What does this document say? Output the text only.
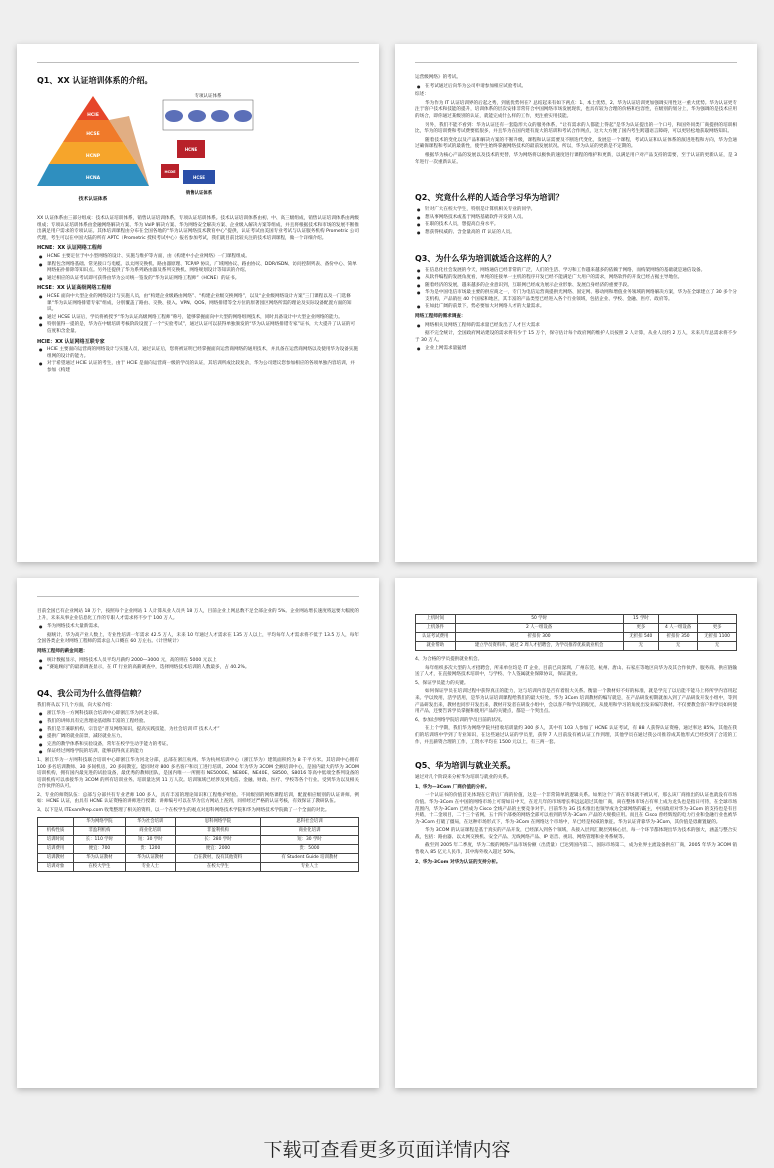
Q1、XX 认证培训体系的介绍。
HCIE
HCSE
HCNP
HCNA
技术认证体系
专项认证体系
HCNE
HCDE
HCSE
销售认证体系

XX 认证体系由三部分组成：技术认证培训体系，销售认证培训体系，专项认证培训体系。技术认证培训体系由初、中、高三级组成，销售认证培训体系由两级组成；专项认证培训体系由金融网络解决方案、华为 VoIP 解决方案、华为网络安全解决方案、企业级入解决方案等组成，并且将根据技术和市场的发展不断推出满足用户需求的专项认证。其体培训课程由分布在全国各地的“华为认证网络技术教育中心”提供，认证考试由美国专业考试与认证服务机构 Prometric 公司代理，考生可以在中国大陆的所有 APTC（Prometric 授权考试中心）报名参加考试，我们就目前比较关注的技术培训课程，做一个详细介绍。

HCNE：XX 认证网络工程师
● HCNE 主要定位于中小型网络的设计、实施与维护等方面，由《构建中小企业网络》一门课程组成。
● 课程包含网络基础、常见接口与电缆、以太网交换机、路由器原理、TCP/IP 协议、广域网协议、路由协议、DDR/ISDN、访问控制列表、备份中心、简单网络拓扑排除等知识点。另外还提供了华为系列路由器及系列交换机、网络规划设计等知识的介绍。
● 通过相应的认证考试即可获得由华为公司统一签发的“华为认证网络工程师”（HCNE）的证书。
HCSE：XX 认证高级网络工程师
● HCSE 面向中大型企业的网络设计与实施人员，由“构建企业级路由网络”、“构建企业级交换网络”，以及“企业级网络设计方案”三门课程以及一门选修课“华为认证网络排错专家”组成，分别覆盖了路由、交换、接入、VPN、QOS、网络排错等全方位的原著园区网络所需的理论及实际设备配置方面的知识。
● 通过 HCSE 认证后，学员将被授予“华为认证高级网络工程师”称号，能够掌握面向中大型的网络组网技术，同时具备设计中大型企业网络的能力。
● 特别值得一提的是，华为在中级培训考核阶段设置了一个“实验考试”，通过认证可以获得单独颁发的“华为认证网络排错专家”证书，大大提升了认证的可信度和含金量。
HCIE：XX 认证网络互联专家
● HCIE 主要面向运营商的网络设计与实施人员，通过认证后，您将被证明已经掌握面向运营商网络的通用技术，并具备在运营商网络以及使用华为设备实施组网的设计的能力。
● 对于希望通过 HCIE 认证的考生，由于 HCIE 是面向运营商一级的学员的认证，其培训所成比较复杂，华为公司建议您参加相应的各项单独内容培训，并参加《构建

运营级网络》的考试。

● 在考试通过后向华为公司申请参加相应试验考试。

综述：

华为作为 IT 认证培训界的后起之秀，到底优势何在？总结起来有如下两点：1、本土优势，2、华为认证培训更加强调实用性这一重大优势。华为认证更专注于客户技术和技能的提升，培训体系的层次安排非常符合中国网络市场发展现状，也具有较为合理的价格和包容性，在级别的划分上，华为强调的是技术应用的场合，即你通过某级别的认证，就能完成什么样的工作，更注重实用技能。

另外，我们不能不看到：华为认证还有一套隐形大众的服务体系，“让有需求的人都能上得起”是华为认证提出的一个口号，和国外同类厂商提供的培训相比，华为的培训费和考试费要低很多，并且华为在国内建有庞大的培训和考试合作网点，这大大方便了国内考生跨越语言障碍，可以更轻松地获取网络知识。

随着技术的变化以及产品和解决方案的不断升级，课程和认证需要及不断迭代变化，发展是一个课程，考试认证和认证体系的演进进程和方向，华为会通过确保课程和考试的最新性，使学生始终掌握网络技术的最前发展状况。所以，华为认证的更新是不定期的。

根据华为核心产品的发展以及技术的更替，华为网络将以极快的速度进行课程的维护和更新，以满足用户对产品支持的需要，至于认证的更新认证，是 3 年进行一次重新认证。

Q2、究竟什么样的人适合学习华为培训？
● 针对广大在校大学生，特别是计算机相关专业的同学。
● 想从事网络技术或基于网络基础软件开发的人员。
● 在职的技术人员，想提高自身水平。
● 想获得权威的、含金量高的 IT 认证的人员。
Q3、为什么华为培训就适合这样的人？
● 在信息化社会发展的今天，网络通信已经非常的广泛，人们的生活、学习和工作越来越多的依赖于网络，而构架网络的基础就是通信设备。
● 从软件编程的发展角度看，单纯的连接单一主机的程序开发已经不能满足广大用户的需求，网络软件的开发已经占据主导地位。
● 随着经济的发展，越来越多的企业意识到，互联网已经成为展示企业形象、发展自身经济的重要手段。
● 华为是中国电信市场最主要的供应商之一，专门为电信运营商提供光网络、固定网、移动网和增值业务领域的网络解决方案，华为在全球建立了 30 多个分支机构，产品销往 40 个国家和地区，其丰富的产品类型已经进入各个行业领域，包括企业、学校、金融、医疗、政府等。
● 在如此广阔的前景下，势必要加大对网络人才的大量需求。

网络工程师的需求调查：

● 网络相关及网络工程师的需求量已经发出了人才巨大需求

据不完全统计，全国政府网站建设的需求将有少于 15 万个，保守估计每个政府网的维护人员按照 2 人计算，从业人员约 2 万人，未来几年总需求将不少于 30 万人。

● 企业上网需求量猛增

目前全国已有企业网站 18 万个，按照每个企业网站 1 人计算从业人员共 18 万人，目前企业上网总数不足全部企业的 5%。企业网站增长速度将远要大幅度的上升，未来从事企业信息化工作的专职人才需求将不少于 100 万人。

● 华为网络技术大量新需求。

据统计，华为高产业人数上，专业性培训一年需求 42.5 万人，未来 10 年通过人才需求在 135 万人以上，平均每年人才需求将不低于 13.5 万人，每年全国各类企业对网络工程师的需求总人口概在 60 万左右。（计世统计）

网络工程师的薪金问题：

● 统计数据显示，网络技术人员平均月薪约 2000—3000 元，高的则在 5000 元以上
● “赛迪顾问”的最新调查显示，在 IT 行业的高薪调查中，选择网络技术培训的人数最多，占 40.2%。
Q4、我公司为什么值得信赖？

我们将从以下几个方面，向大家介绍：

● 浙江华为一方网科技联合培训中心即浙江华为河北分部。
● 我们的讲师具有完善理论基础和丰富的工程经验。
● 我们是丰兼职机构，宗旨是“普及网络知识，提高实践技能，为社会培训 IT 技术人才”
● 提供广阔的就业前景，减轻就业压力。
● 完善的教学体系和实验设备，常年在校学生动手能力的考证。
● 保证经过网络学院的培训，能够获得真正的能力

1、浙江华为一方网科技联合培训中心即浙江华为河北分部，总部在浙江杭州。华为杭州培训中心（浙江华为）建筑面积约为 8 千平方米。其培训中心拥有 100 多名培训教师、30 多间机房，20 多间教室。能同时对 800 多名客户和员工进行培训。2004 年为华为 3COM 全额培训中心，是国内最大的华为 3COM 培训机构，拥有国内最先进的试验设备，最优秀的教师团队，是国内唯一一所拥有 NE5000E、NE80E、NE40E、S8500、S8016 等高中低端全系列设备的培训机构可以承接华为 3COM 的所有培训业务。培训量达到 11 万人次。培训领域已经涉及到电信、金融、财政、医疗、学校等各个行业。受到华为以及相关合作伙伴的认可。

2、专业的师资队伍：总部与分部共有专业老师 100 多人，具有丰富的理论知识和工程维护经验。不同级别的网络课程培训，配置相应级别的认证讲师。例如：HCNE 认证，由具有 HCNE 认证资格的讲师进行授课；讲师编号可以在华为官方网站上查到，同样经过严格的认证考核，有效保证了教研队伍。

3、以下是从 ITExamPrep.com 收集整理了相关的资料，以一个在校学生的观点对思科网络技术学院和华为网络技术学院做了一个全面的对比。

	华为网络学院	华为社会培训	思科网络学院	思科社会培训
机构性质	非盈利机构	商业化培训	非盈利机构	商业化培训
培训时间	长：110 学时	短：30 学时	长：280 学时	短：30 学时
培训费用	便宜：700	贵：1200	便宜：2000	贵：5000
培训教材	华为认证教材	华为认证教材	自在教材，没有其他资料	有 Student Guide 培训教材
培训对象	在校大学生	专业人士	在校大学生	专业人士
上机时间	50 学时	15 学时		
上机条件	2 人一组设备	更多	4 人一组设备	更多
认证考试费用	折扣价 300	无折扣 540	折扣价 350	无折扣 1100
就业帮助	建立学员资料库，通过 2 周人才招聘会，为学员推荐优质就业机会	无	无	无

4、为合格的学员提供就业机会。

每年组织多次大型的人才招聘会，所来单位均是 IT 企业，目前已向深圳、广州东莞、杭州、唐山、石家庄等地区向华为及其合作伙伴、服务商、供应链输送了人才，在直接网络技术培训中，与学校、个人签属就业保障协议，保证就业。

5、保证学员能力的关键。

如何保证学员在培训过程中获得真正的能力，这与培训内容是否有着很大关系。衡量一个教材好不好的标准，就是学完了以后能不能马上将所学内容用起来。学以致用，活学活用，是华为认证培训课程给我们的最大好处。华为 3Com 培训教材的编写就是，在产品研发初期就加入到了产品研发开发小组中，等到产品研发出来，教材也同步开发出来，教材开发者在研发小组中，会以客户和学员的眼光，从使用和学习的角度出发来编写教材。不仅要教会客户和学员如何使用产品，还要告诉学员掌握和使用产品的关键点，都是一个突出点。

6、参加过网络学院培训的学员目前的状况。

在上个学期，我们华为网络学院共招收培训量约 300 多人，其中有 103 人参加了 HCNE 认证考试，有 88 人获得认证资格，通过率达 85%，其他在我们的培训班中学到了专业知识，在这些通过认证的学员里，获得 7 人目前没有被认证工作到理，其他学员在通过我公司推荐成其他形式已经找到了合适的工作，并且薪资合理的工作，工资水平均在 1500 元以上，有三两一套。

Q5、华为培训与就业关系。

通过对几个阶段来分析华为培训与就业的关系。

1、华为—3Com 厂商价值的分析。

一个认证书的价值首先体现在它背后厂商的价值，这是一个非常简单的逻辑关系。如果这个厂商在市场就不被认可，那么该厂商推出的认证也就没有市场价值。华为-3Com 在中国的网络市场上可谓如日中天，在近几年的市场增长率远远超过其他厂商，尚在整体市场占有率上成为龙头也是指日可待，在全球市场范围内，华为-3Com 已经成为 Cisco 全线产品的主要竞争对手。目前华为 3G 技术推出也领导成为全球网络的霸主，中国政府对华为-3Com 的支持也是有目共睹，十二金项目，二十三个省网，五十四个部委的网络全部可以看到的华为-3Com 产品的大规模应用。而且在 Cisco 曾经辉煌的电力行业和金融行业也被华为-3Com 打破了僵局，在这种市场形式下，华为-3Com 在网络这个市场中，早已经是权威的象征。华为认证背靠华为-3Com，其价值是毋庸置疑的。

华为 3COM 的认证课程是基于真实的产品开发，已经深入到各个领域，从接入层到汇聚层到核心层，每一个环节都体现出华为技术的强大，涵盖与整合实战，包括：路由器、以太网交换机、安全产品、无线网络产品、IP 语音、视讯、网络管理和业务系统等。

截至到 2005 年二季度，华为二级的网络产品市场份额（出货量）已达到国内第二，国际市场第二，成为业界主流设备供应厂商，2005 年华为 3COM 销售收入 85 亿元人民币，其中海外收入超过 50%。

2、华为-3Com 对华为认证的支持分析。

下载可查看更多页面详情内容
